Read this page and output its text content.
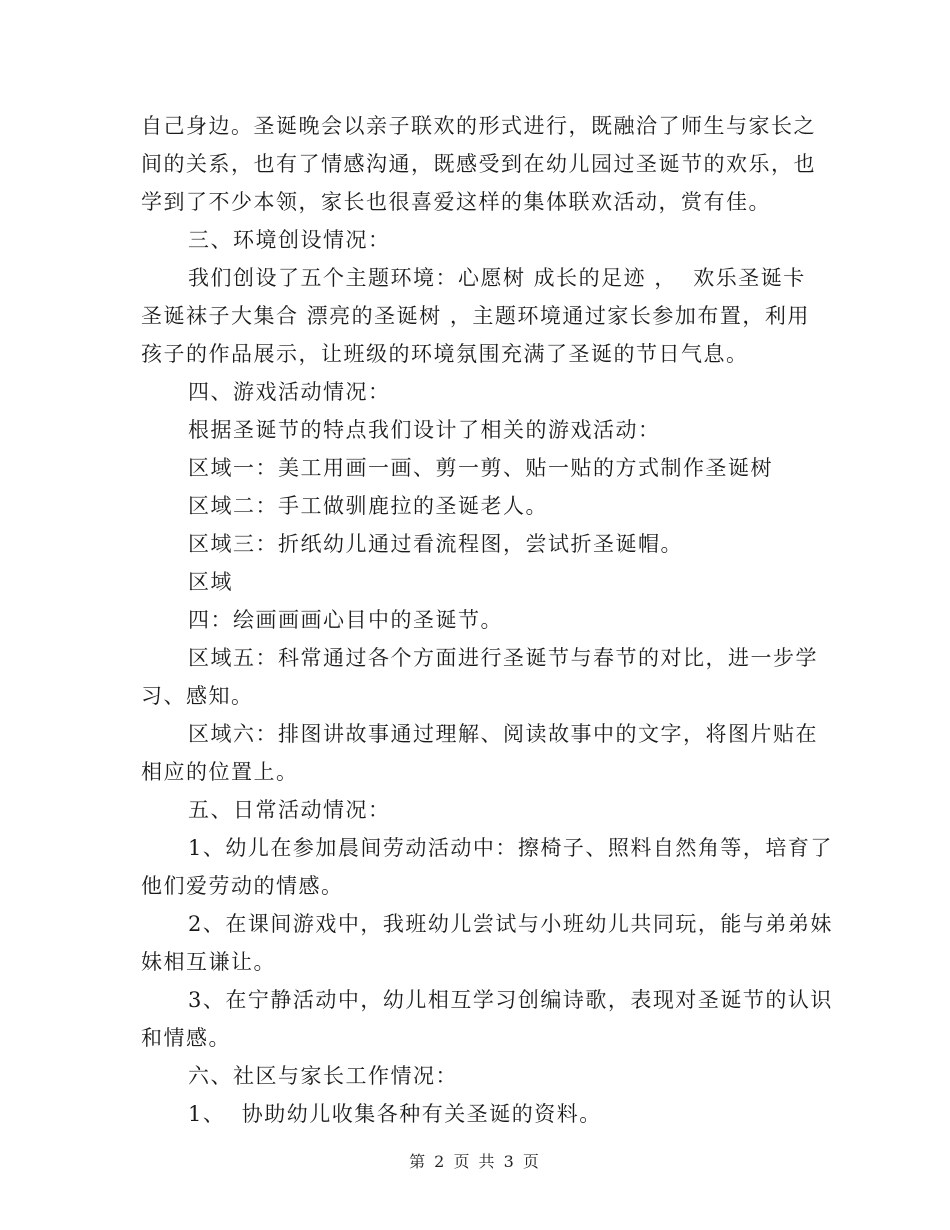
自己身边。圣诞晚会以亲子联欢的形式进行，既融洽了师生与家长之
间的关系，也有了情感沟通，既感受到在幼儿园过圣诞节的欢乐，也
学到了不少本领，家长也很喜爱这样的集体联欢活动，赏有佳。
三、环境创设情况：
我们创设了五个主题环境：心愿树 成长的足迹 ，  欢乐圣诞卡
圣诞袜子大集合 漂亮的圣诞树 ，主题环境通过家长参加布置，利用
孩子的作品展示，让班级的环境氛围充满了圣诞的节日气息。
四、游戏活动情况：
根据圣诞节的特点我们设计了相关的游戏活动：
区域一：美工用画一画、剪一剪、贴一贴的方式制作圣诞树
区域二：手工做驯鹿拉的圣诞老人。
区域三：折纸幼儿通过看流程图，尝试折圣诞帽。
区域
四：绘画画画心目中的圣诞节。
区域五：科常通过各个方面进行圣诞节与春节的对比，进一步学
习、感知。
区域六：排图讲故事通过理解、阅读故事中的文字，将图片贴在
相应的位置上。
五、日常活动情况：
1、幼儿在参加晨间劳动活动中：擦椅子、照料自然角等，培育了
他们爱劳动的情感。
2、在课间游戏中，我班幼儿尝试与小班幼儿共同玩，能与弟弟妹
妹相互谦让。
3、在宁静活动中，幼儿相互学习创编诗歌，表现对圣诞节的认识
和情感。
六、社区与家长工作情况：
1、  协助幼儿收集各种有关圣诞的资料。
第 2 页 共 3 页
